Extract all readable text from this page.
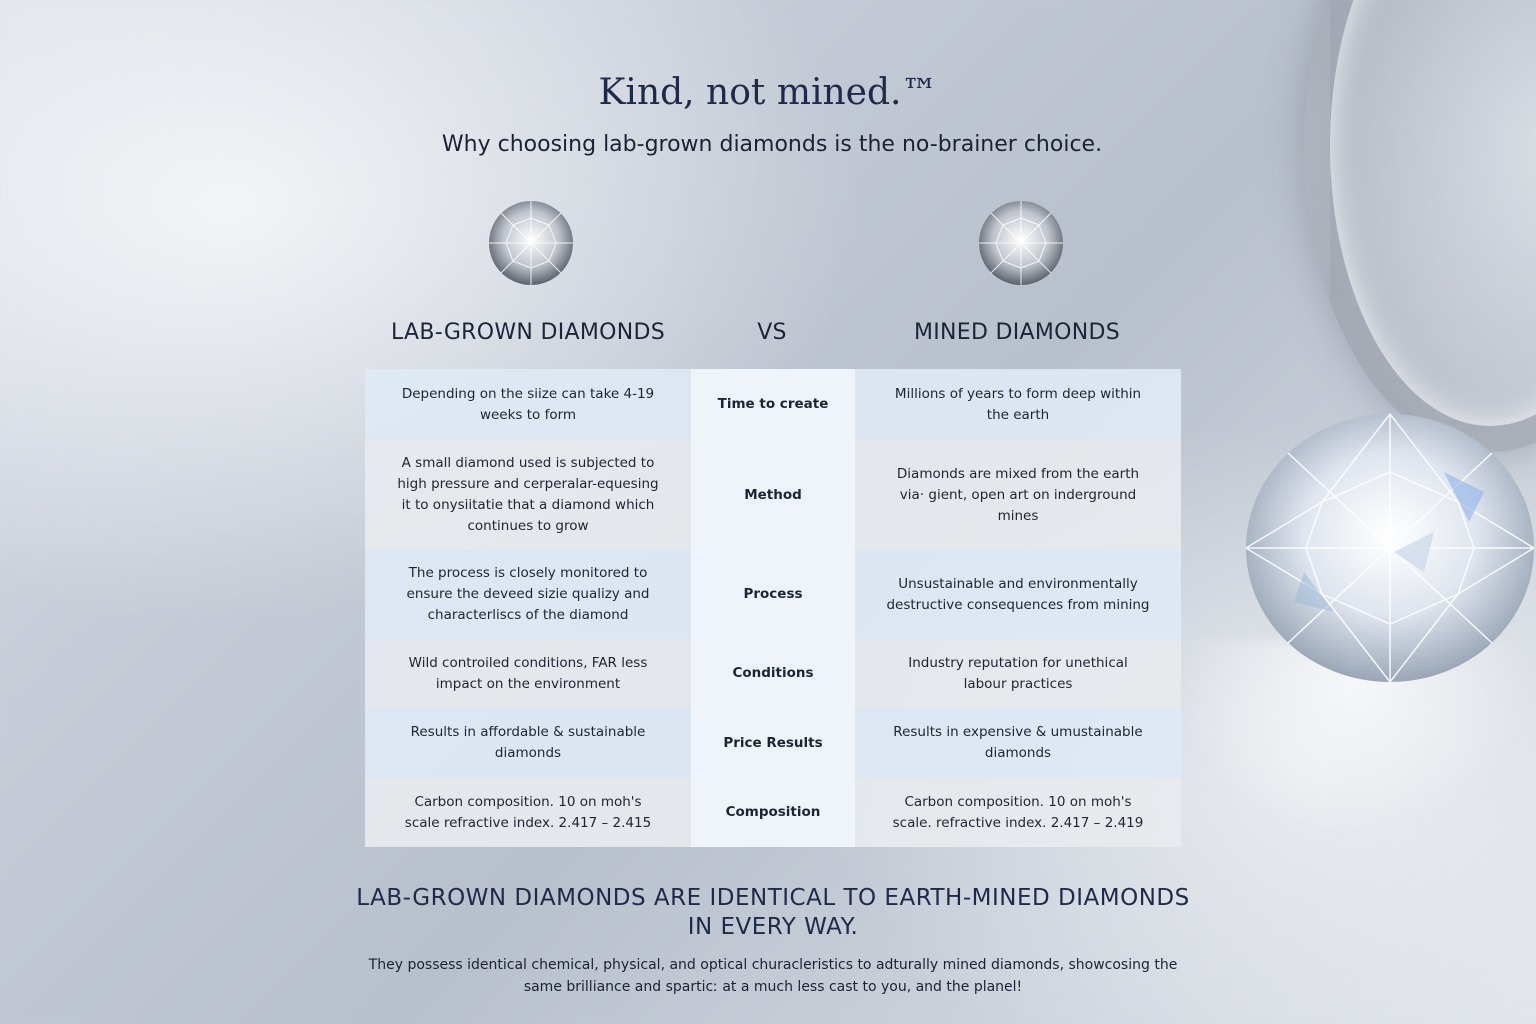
Kind, not mined.™

Why choosing lab-grown diamonds is the no-brainer choice.

LAB-GROWN DIAMONDS	VS	MINED DIAMONDS
Depending on the siize can take 4-19 weeks to form
Time to create
Millions of years to form deep within the earth
A small diamond used is subjected to high pressure and cerperalar-equesing it to onysiitatie that a diamond which continues to grow
Method
Diamonds are mixed from the earth via· gient, open art on inderground mines
The process is closely monitored to ensure the deveed sizie qualizy and characterliscs of the diamond
Process
Unsustainable and environmentally destructive consequences from mining
Wild controiled conditions, FAR less impact on the environment
Conditions
Industry reputation for unethical labour practices
Results in affordable & sustainable diamonds
Price Results
Results in expensive & umustainable diamonds
Carbon composition. 10 on moh's scale refractive index. 2.417 – 2.415
Composition
Carbon composition. 10 on moh's scale. refractive index. 2.417 – 2.419
LAB-GROWN DIAMONDS ARE IDENTICAL TO EARTH-MINED DIAMONDS IN EVERY WAY.

They possess identical chemical, physical, and optical churacleristics to adturally mined diamonds, showcosing the same brilliance and sparticː at a much less cast to you, and the planel!
